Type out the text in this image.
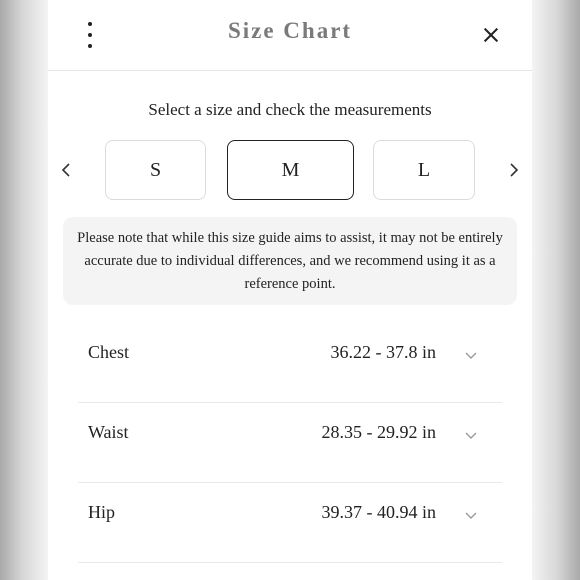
Size Chart
Select a size and check the measurements
S	M	L
Please note that while this size guide aims to assist, it may not be entirely accurate due to individual differences, and we recommend using it as a reference point.
Chest	36.22 - 37.8 in
Waist	28.35 - 29.92 in
Hip	39.37 - 40.94 in
